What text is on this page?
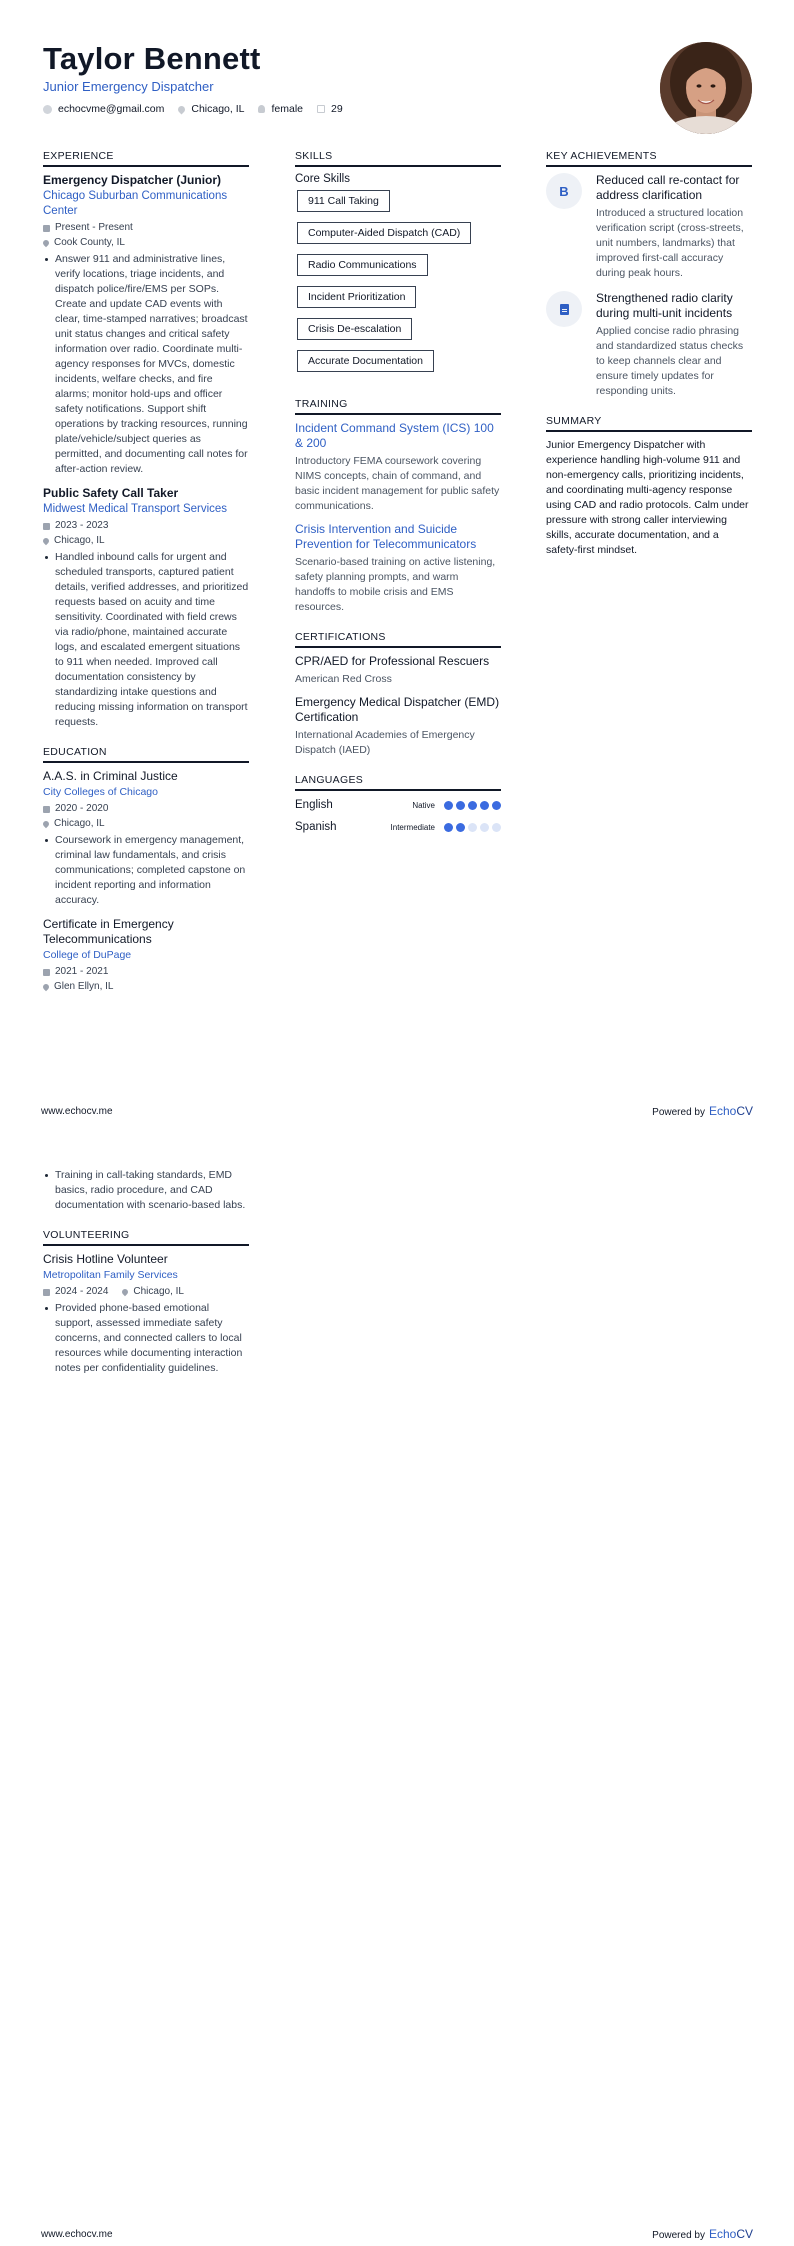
Taylor Bennett
Junior Emergency Dispatcher
echocvme@gmail.com	Chicago, IL	female	29
EXPERIENCE
Emergency Dispatcher (Junior)
Chicago Suburban Communications Center
Present - Present
Cook County, IL
Answer 911 and administrative lines, verify locations, triage incidents, and dispatch police/fire/EMS per SOPs. Create and update CAD events with clear, time-stamped narratives; broadcast unit status changes and critical safety information over radio. Coordinate multi-agency responses for MVCs, domestic incidents, welfare checks, and fire alarms; monitor hold-ups and officer safety notifications. Support shift operations by tracking resources, running plate/vehicle/subject queries as permitted, and documenting call notes for after-action review.
Public Safety Call Taker
Midwest Medical Transport Services
2023 - 2023
Chicago, IL
Handled inbound calls for urgent and scheduled transports, captured patient details, verified addresses, and prioritized requests based on acuity and time sensitivity. Coordinated with field crews via radio/phone, maintained accurate logs, and escalated emergent situations to 911 when needed. Improved call documentation consistency by standardizing intake questions and reducing missing information on transport requests.
EDUCATION
A.A.S. in Criminal Justice
City Colleges of Chicago
2020 - 2020
Chicago, IL
Coursework in emergency management, criminal law fundamentals, and crisis communications; completed capstone on incident reporting and information accuracy.
Certificate in Emergency Telecommunications
College of DuPage
2021 - 2021
Glen Ellyn, IL
SKILLS
Core Skills
911 Call Taking
Computer-Aided Dispatch (CAD)
Radio Communications
Incident Prioritization
Crisis De-escalation
Accurate Documentation
TRAINING
Incident Command System (ICS) 100 & 200
Introductory FEMA coursework covering NIMS concepts, chain of command, and basic incident management for public safety communications.
Crisis Intervention and Suicide Prevention for Telecommunicators
Scenario-based training on active listening, safety planning prompts, and warm handoffs to mobile crisis and EMS resources.
CERTIFICATIONS
CPR/AED for Professional Rescuers
American Red Cross
Emergency Medical Dispatcher (EMD) Certification
International Academies of Emergency Dispatch (IAED)
LANGUAGES
English	Native
Spanish	Intermediate
KEY ACHIEVEMENTS
B
Reduced call re-contact for address clarification
Introduced a structured location verification script (cross-streets, unit numbers, landmarks) that improved first-call accuracy during peak hours.
Strengthened radio clarity during multi-unit incidents
Applied concise radio phrasing and standardized status checks to keep channels clear and ensure timely updates for responding units.
SUMMARY
Junior Emergency Dispatcher with experience handling high-volume 911 and non-emergency calls, prioritizing incidents, and coordinating multi-agency response using CAD and radio protocols. Calm under pressure with strong caller interviewing skills, accurate documentation, and a safety-first mindset.
www.echocv.me	Powered by EchoCV
Training in call-taking standards, EMD basics, radio procedure, and CAD documentation with scenario-based labs.
VOLUNTEERING
Crisis Hotline Volunteer
Metropolitan Family Services
2024 - 2024	Chicago, IL
Provided phone-based emotional support, assessed immediate safety concerns, and connected callers to local resources while documenting interaction notes per confidentiality guidelines.
www.echocv.me	Powered by EchoCV
